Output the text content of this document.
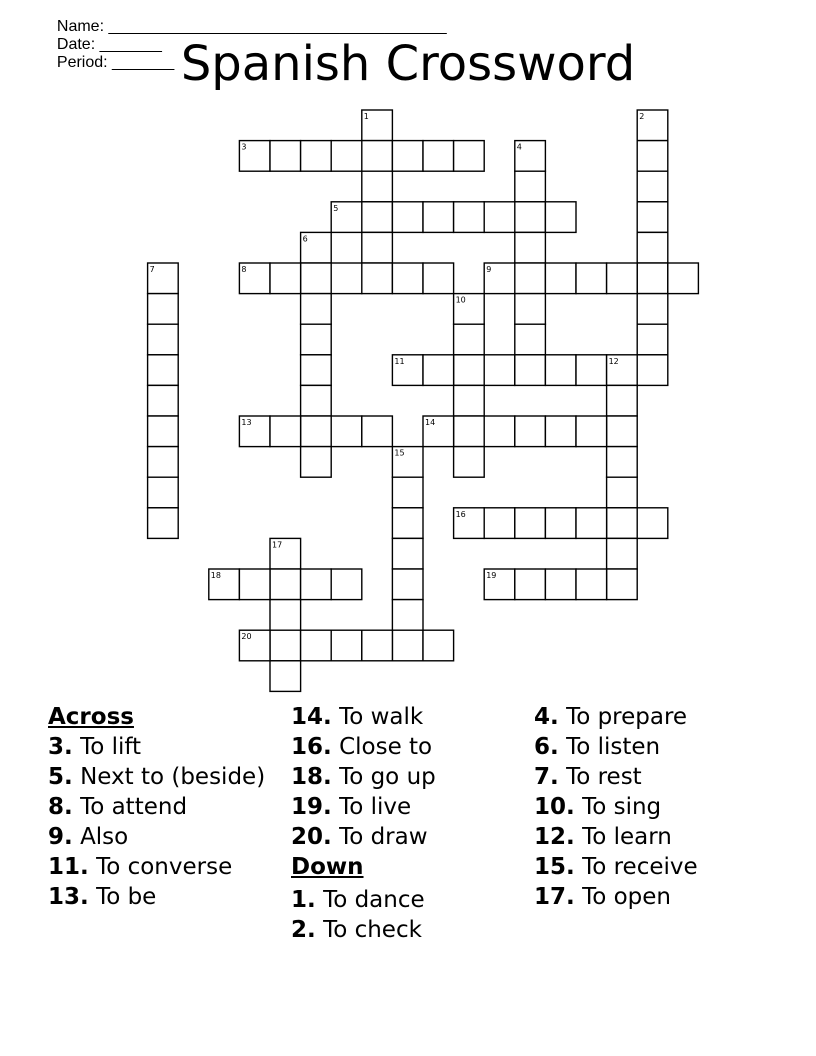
Name: ______________________________________
Date: _______
Period: _______ Spanish Crossword
1	2
3	4
5
6
7	8	9
10
11	12
13	14
15
16
17
18	19
20

Across

3. To lift

5. Next to (beside)

8. To attend

9. Also

11. To converse

13. To be

14. To walk

16. Close to

18. To go up

19. To live

20. To draw

Down

1. To dance

2. To check

4. To prepare

6. To listen

7. To rest

10. To sing

12. To learn

15. To receive

17. To open
